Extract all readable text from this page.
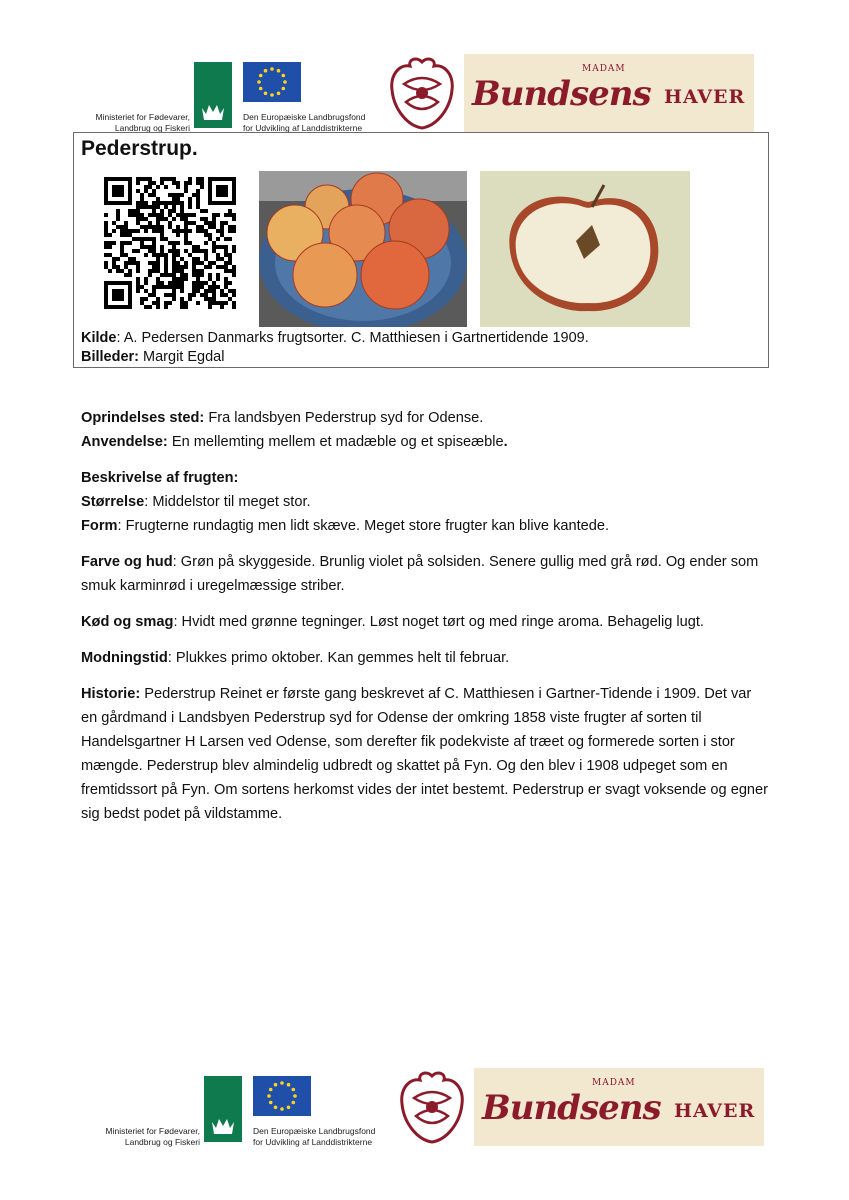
Ministeriet for Fødevarer,
Landbrug og Fiskeri
Den Europæiske Landbrugsfond
for Udvikling af Landdistrikterne
MADAM
Bundsens HAVER
Pederstrup.
Kilde: A. Pedersen Danmarks frugtsorter. C. Matthiesen i Gartnertidende 1909.
Billeder: Margit Egdal

Oprindelses sted: Fra landsbyen Pederstrup syd for Odense.

Anvendelse: En mellemting mellem et madæble og et spiseæble.

Beskrivelse af frugten:

Størrelse: Middelstor til meget stor.

Form: Frugterne rundagtig men lidt skæve. Meget store frugter kan blive kantede.

Farve og hud: Grøn på skyggeside. Brunlig violet på solsiden. Senere gullig med grå rød. Og ender som smuk karminrød i uregelmæssige striber.

Kød og smag: Hvidt med grønne tegninger. Løst noget tørt og med ringe aroma. Behagelig lugt.

Modningstid: Plukkes primo oktober. Kan gemmes helt til februar.

Historie: Pederstrup Reinet er første gang beskrevet af C. Matthiesen i Gartner-Tidende i 1909. Det var en gårdmand i Landsbyen Pederstrup syd for Odense der omkring 1858 viste frugter af sorten til Handelsgartner H Larsen ved Odense, som derefter fik podekviste af træet og formerede sorten i stor mængde. Pederstrup blev almindelig udbredt og skattet på Fyn. Og den blev i 1908 udpeget som en fremtidssort på Fyn. Om sortens herkomst vides der intet bestemt. Pederstrup er svagt voksende og egner sig bedst podet på vildstamme.

Ministeriet for Fødevarer,
Landbrug og Fiskeri
Den Europæiske Landbrugsfond
for Udvikling af Landdistrikterne
MADAM
Bundsens HAVER
